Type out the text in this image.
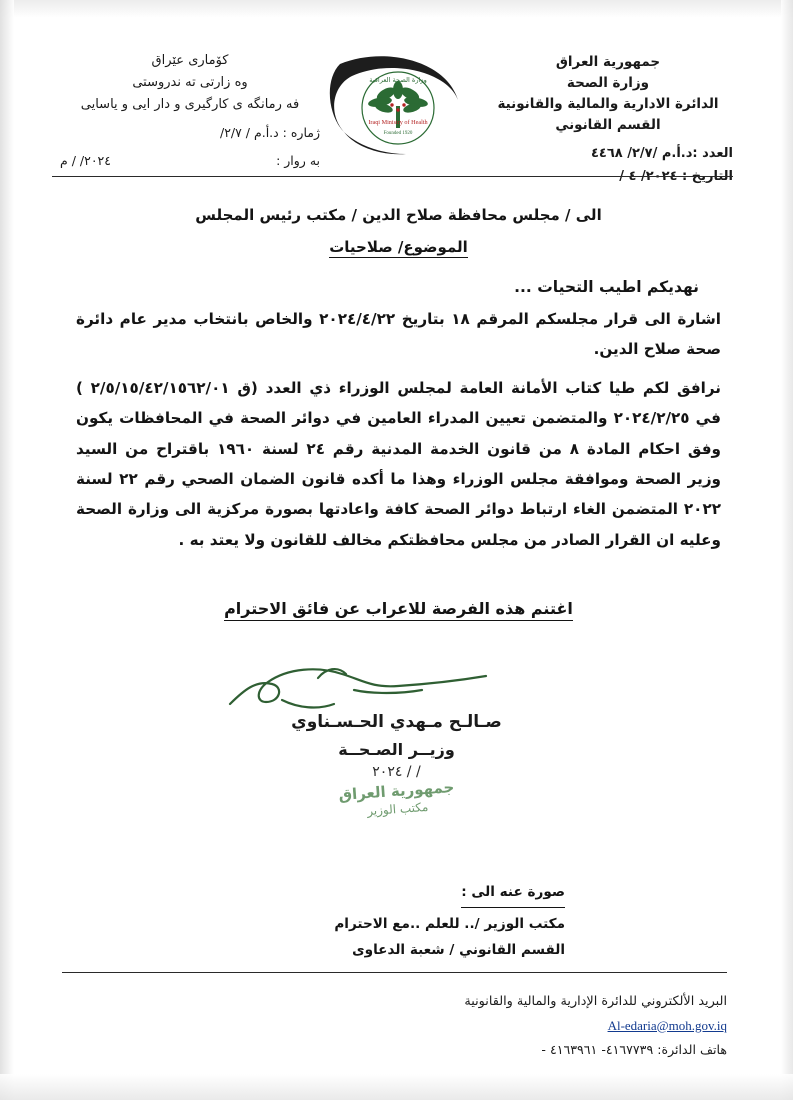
جمهورية العراق
وزارة الصحة
الدائرة الادارية والمالية والقانونية
القسم القانوني
العدد :د.أ.م /٢/٧/ ٤٤٦٨
التاريخ : ٢٠٢٤/ ٤ /
وزارة الصحة العراقية
Iraqi Ministry of Health
Founded 1920
كۆماری عێراق
وه زارتی ته ندروستی
فه رمانگه ی کارگیری و دار ایی و یاسایی
ژماره : د.أ.م / ٢/٧/
به روار :
٢٠٢٤/ / م
الى / مجلس محافظة صلاح الدين / مكتب رئيس المجلس
الموضوع/ صلاحيات
نهديكم اطيب التحيات ...
اشارة الى قرار مجلسكم المرقم ١٨ بتاريخ ٢٠٢٤/٤/٢٢ والخاص بانتخاب مدير عام دائرة صحة صلاح الدين.
نرافق لكم طيا كتاب الأمانة العامة لمجلس الوزراء ذي العدد (ق ٢/٥/١٥/٤٢/١٥٦٢/٠١ ) في ٢٠٢٤/٢/٢٥ والمتضمن تعيين المدراء العامين في دوائر الصحة في المحافظات يكون وفق احكام المادة ٨ من قانون الخدمة المدنية رقم ٢٤ لسنة ١٩٦٠ باقتراح من السيد وزير الصحة وموافقة مجلس الوزراء وهذا ما أكده قانون الضمان الصحي رقم ٢٢ لسنة ٢٠٢٢ المتضمن الغاء ارتباط دوائر الصحة كافة واعادتها بصورة مركزية الى وزارة الصحة وعليه ان القرار الصادر من مجلس محافظتكم مخالف للقانون ولا يعتد به .
اغتنم هذه الفرصة للاعراب عن فائق الاحترام
صـالـح مـهدي الحـسـناوي
وزيــر الصـحــة
/ / ٢٠٢٤
جمهورية العراق
مكتب الوزير
صورة عنه الى :
مكتب الوزير /.. للعلم ..مع الاحترام
القسم القانوني / شعبة الدعاوى
البريد الألكتروني للدائرة الإدارية والمالية والقانونية
Al-edaria@moh.gov.iq
هاتف الدائرة: ٤١٦٧٧٣٩- ٤١٦٣٩٦١ -
